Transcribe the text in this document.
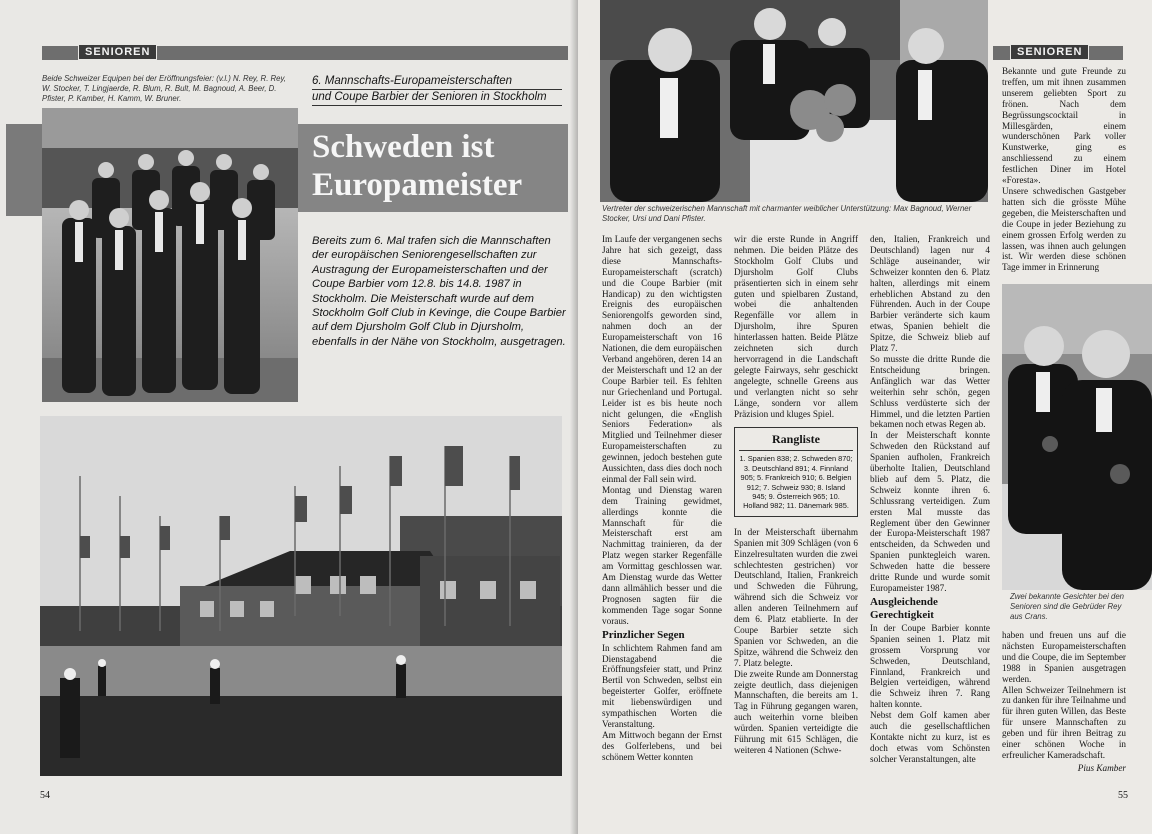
SENIOREN
Beide Schweizer Equipen bei der Eröffnungsfeier: (v.l.) N. Rey, R. Rey, W. Stocker, T. Lingjaerde, R. Blum, R. Bult, M. Bagnoud, A. Beer, D. Pfister, P. Kamber, H. Kamm, W. Bruner.
6. Mannschafts-Europameisterschaften
und Coupe Barbier der Senioren in Stockholm
Schweden ist Europameister
Bereits zum 6. Mal trafen sich die Mannschaften der europäischen Seniorengesellschaften zur Austragung der Europameisterschaften und der Coupe Barbier vom 12.8. bis 14.8. 1987 in Stockholm. Die Meisterschaft wurde auf dem Stockholm Golf Club in Kevinge, die Coupe Barbier auf dem Djursholm Golf Club in Djursholm, ebenfalls in der Nähe von Stockholm, ausgetragen.
54
SENIOREN
Vertreter der schweizerischen Mannschaft mit charmanter weiblicher Unterstützung: Max Bagnoud, Werner Stocker, Ursi und Dani Pfister.

Im Laufe der vergangenen sechs Jahre hat sich gezeigt, dass diese Mannschafts-Europameisterschaft (scratch) und die Coupe Barbier (mit Handicap) zu den wichtigsten Ereignis des europäischen Seniorengolfs geworden sind, nahmen doch an der Europameisterschaft von 16 Nationen, die dem europäischen Verband angehören, deren 14 an der Meisterschaft und 12 an der Coupe Barbier teil. Es fehlten nur Griechenland und Portugal. Leider ist es bis heute noch nicht gelungen, die «English Seniors Federation» als Mitglied und Teilnehmer dieser Europameisterschaften zu gewinnen, jedoch bestehen gute Aussichten, dass dies doch noch einmal der Fall sein wird.

Montag und Dienstag waren dem Training gewidmet, allerdings konnte die Mannschaft für die Meisterschaft erst am Nachmittag trainieren, da der Platz wegen starker Regenfälle am Vormittag geschlossen war. Am Dienstag wurde das Wetter dann allmählich besser und die Prognosen sagten für die kommenden Tage sogar Sonne voraus.

Prinzlicher Segen

In schlichtem Rahmen fand am Dienstagabend die Eröffnungsfeier statt, und Prinz Bertil von Schweden, selbst ein begeisterter Golfer, eröffnete mit liebenswürdigen und sympathischen Worten die Veranstaltung.

Am Mittwoch begann der Ernst des Golferlebens, und bei schönem Wetter konnten

wir die erste Runde in Angriff nehmen. Die beiden Plätze des Stockholm Golf Clubs und Djursholm Golf Clubs präsentierten sich in einem sehr guten und spielbaren Zustand, wobei die anhaltenden Regenfälle vor allem in Djursholm, ihre Spuren hinterlassen hatten. Beide Plätze zeichneten sich durch hervorragend in die Landschaft gelegte Fairways, sehr geschickt angelegte, schnelle Greens aus und verlangten nicht so sehr Länge, sondern vor allem Präzision und kluges Spiel.

Rangliste
1. Spanien 838; 2. Schweden 870; 3. Deutschland 891; 4. Finnland 905; 5. Frankreich 910; 6. Belgien 912; 7. Schweiz 930; 8. Island 945; 9. Österreich 965; 10. Holland 982; 11. Dänemark 985.

In der Meisterschaft übernahm Spanien mit 309 Schlägen (von 6 Einzelresultaten wurden die zwei schlechtesten gestrichen) vor Deutschland, Italien, Frankreich und Schweden die Führung, während sich die Schweiz vor allen anderen Teilnehmern auf dem 6. Platz etablierte. In der Coupe Barbier setzte sich Spanien vor Schweden, an die Spitze, während die Schweiz den 7. Platz belegte.

Die zweite Runde am Donnerstag zeigte deutlich, dass diejenigen Mannschaften, die bereits am 1. Tag in Führung gegangen waren, auch weiterhin vorne bleiben würden. Spanien verteidigte die Führung mit 615 Schlägen, die weiteren 4 Nationen (Schwe-

den, Italien, Frankreich und Deutschland) lagen nur 4 Schläge auseinander, wir Schweizer konnten den 6. Platz halten, allerdings mit einem erheblichen Abstand zu den Führenden. Auch in der Coupe Barbier veränderte sich kaum etwas, Spanien behielt die Spitze, die Schweiz blieb auf Platz 7.

So musste die dritte Runde die Entscheidung bringen. Anfänglich war das Wetter weiterhin sehr schön, gegen Schluss verdüsterte sich der Himmel, und die letzten Partien bekamen noch etwas Regen ab.

In der Meisterschaft konnte Schweden den Rückstand auf Spanien aufholen, Frankreich überholte Italien, Deutschland blieb auf dem 5. Platz, die Schweiz konnte ihren 6. Schlussrang verteidigen. Zum ersten Mal musste das Reglement über den Gewinner der Europa-Meisterschaft 1987 entscheiden, da Schweden und Spanien punktegleich waren. Schweden hatte die bessere dritte Runde und wurde somit Europameister 1987.

Ausgleichende Gerechtigkeit

In der Coupe Barbier konnte Spanien seinen 1. Platz mit grossem Vorsprung vor Schweden, Deutschland, Finnland, Frankreich und Belgien verteidigen, während die Schweiz ihren 7. Rang halten konnte.

Nebst dem Golf kamen aber auch die gesellschaftlichen Kontakte nicht zu kurz, ist es doch etwas vom Schönsten solcher Veranstaltungen, alte

Bekannte und gute Freunde zu treffen, um mit ihnen zusammen unserem geliebten Sport zu frönen. Nach dem Begrüssungscocktail in Millesgärden, einem wunderschönen Park voller Kunstwerke, ging es anschliessend zu einem festlichen Diner im Hotel «Foresta».

Unsere schwedischen Gastgeber hatten sich die grösste Mühe gegeben, die Meisterschaften und die Coupe in jeder Beziehung zu einem grossen Erfolg werden zu lassen, was ihnen auch gelungen ist. Wir werden diese schönen Tage immer in Erinnerung

Zwei bekannte Gesichter bei den Senioren sind die Gebrüder Rey aus Crans.

haben und freuen uns auf die nächsten Europameisterschaften und die Coupe, die im September 1988 in Spanien ausgetragen werden.

Allen Schweizer Teilnehmern ist zu danken für ihre Teilnahme und für ihren guten Willen, das Beste für unsere Mannschaften zu geben und für ihren Beitrag zu einer schönen Woche in erfreulicher Kameradschaft.

Pius Kamber
55
